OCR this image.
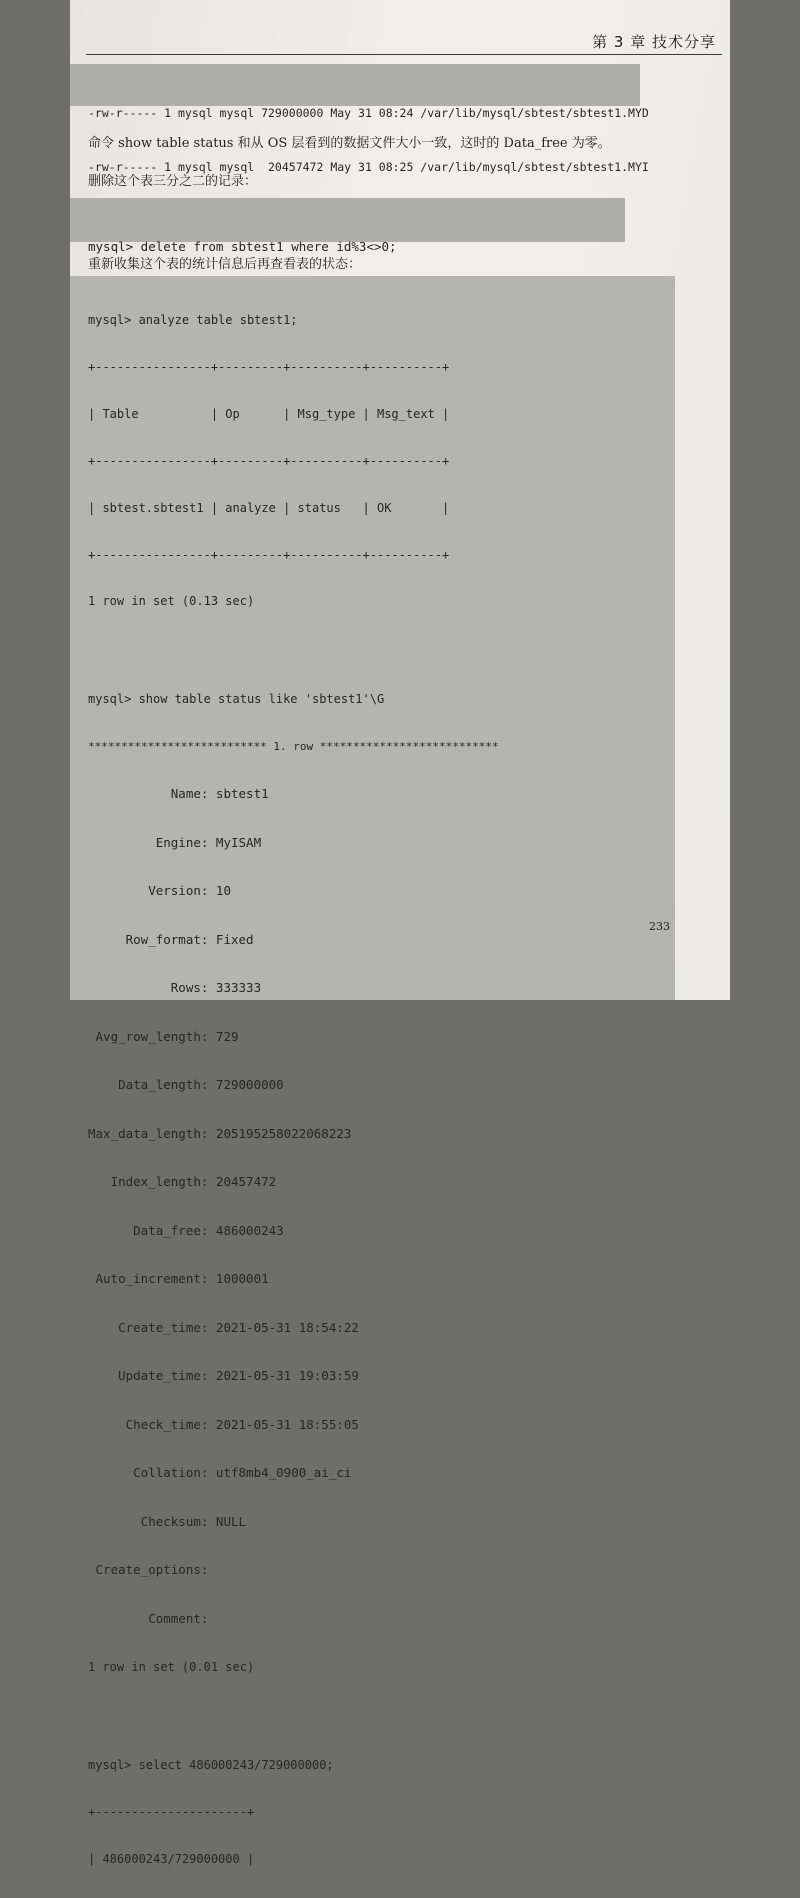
第 3 章 技术分享

-rw-r----- 1 mysql mysql 729000000 May 31 08:24 /var/lib/mysql/sbtest/sbtest1.MYD

-rw-r----- 1 mysql mysql  20457472 May 31 08:25 /var/lib/mysql/sbtest/sbtest1.MYI

命令 show table status 和从 OS 层看到的数据文件大小一致，这时的 Data_free 为零。
删除这个表三分之二的记录：

mysql> delete from sbtest1 where id%3<>0;

重新收集这个表的统计信息后再查看表的状态：

mysql> analyze table sbtest1;

+----------------+---------+----------+----------+

| Table          | Op      | Msg_type | Msg_text |

+----------------+---------+----------+----------+

| sbtest.sbtest1 | analyze | status   | OK       |

+----------------+---------+----------+----------+

1 row in set (0.13 sec)

mysql> show table status like 'sbtest1'\G

*************************** 1. row ***************************

Name: sbtest1

Engine: MyISAM

Version: 10

Row_format: Fixed

Rows: 333333

Avg_row_length: 729

Data_length: 729000000

Max_data_length: 205195258022068223

Index_length: 20457472

Data_free: 486000243

Auto_increment: 1000001

Create_time: 2021-05-31 18:54:22

Update_time: 2021-05-31 19:03:59

Check_time: 2021-05-31 18:55:05

Collation: utf8mb4_0900_ai_ci

Checksum: NULL

Create_options:

Comment:

1 row in set (0.01 sec)

mysql> select 486000243/729000000;

+---------------------+

| 486000243/729000000 |

233
